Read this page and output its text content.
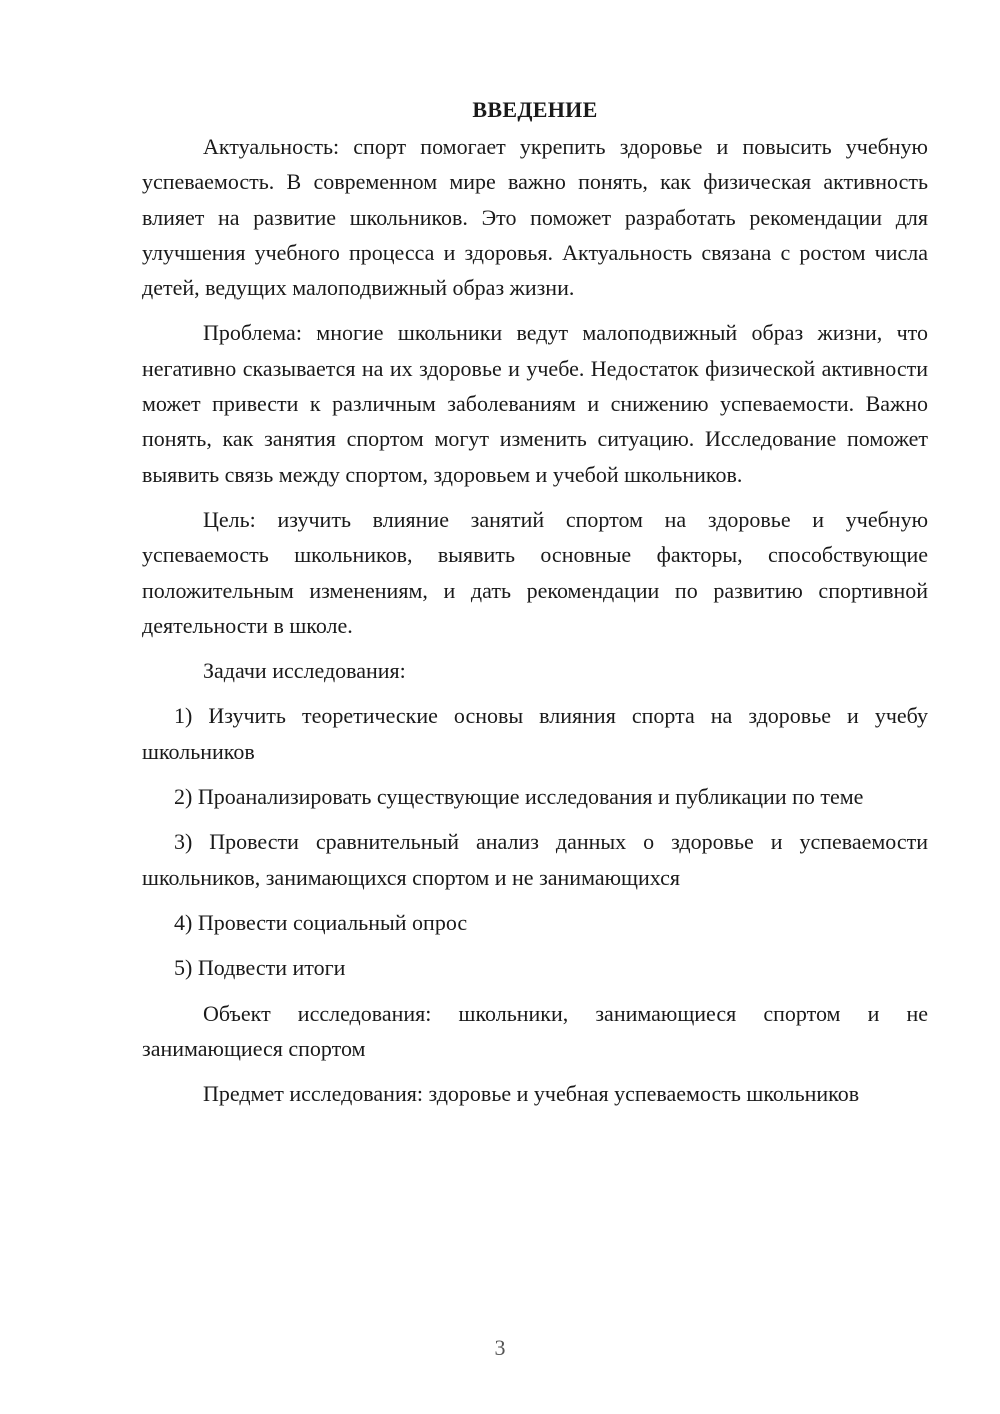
ВВЕДЕНИЕ

Актуальность: спорт помогает укрепить здоровье и повысить учебную успеваемость. В современном мире важно понять, как физическая активность влияет на развитие школьников. Это поможет разработать рекомендации для улучшения учебного процесса и здоровья. Актуальность связана с ростом числа детей, ведущих малоподвижный образ жизни.

Проблема: многие школьники ведут малоподвижный образ жизни, что негативно сказывается на их здоровье и учебе. Недостаток физической активности может привести к различным заболеваниям и снижению успеваемости. Важно понять, как занятия спортом могут изменить ситуацию. Исследование поможет выявить связь между спортом, здоровьем и учебой школьников.

Цель: изучить влияние занятий спортом на здоровье и учебную успеваемость школьников, выявить основные факторы, способствующие положительным изменениям, и дать рекомендации по развитию спортивной деятельности в школе.

Задачи исследования:

1) Изучить теоретические основы влияния спорта на здоровье и учебу школьников

2) Проанализировать существующие исследования и публикации по теме

3) Провести сравнительный анализ данных о здоровье и успеваемости школьников, занимающихся спортом и не занимающихся

4) Провести социальный опрос

5) Подвести итоги

Объект исследования: школьники, занимающиеся спортом и не занимающиеся спортом

Предмет исследования: здоровье и учебная успеваемость школьников

3
